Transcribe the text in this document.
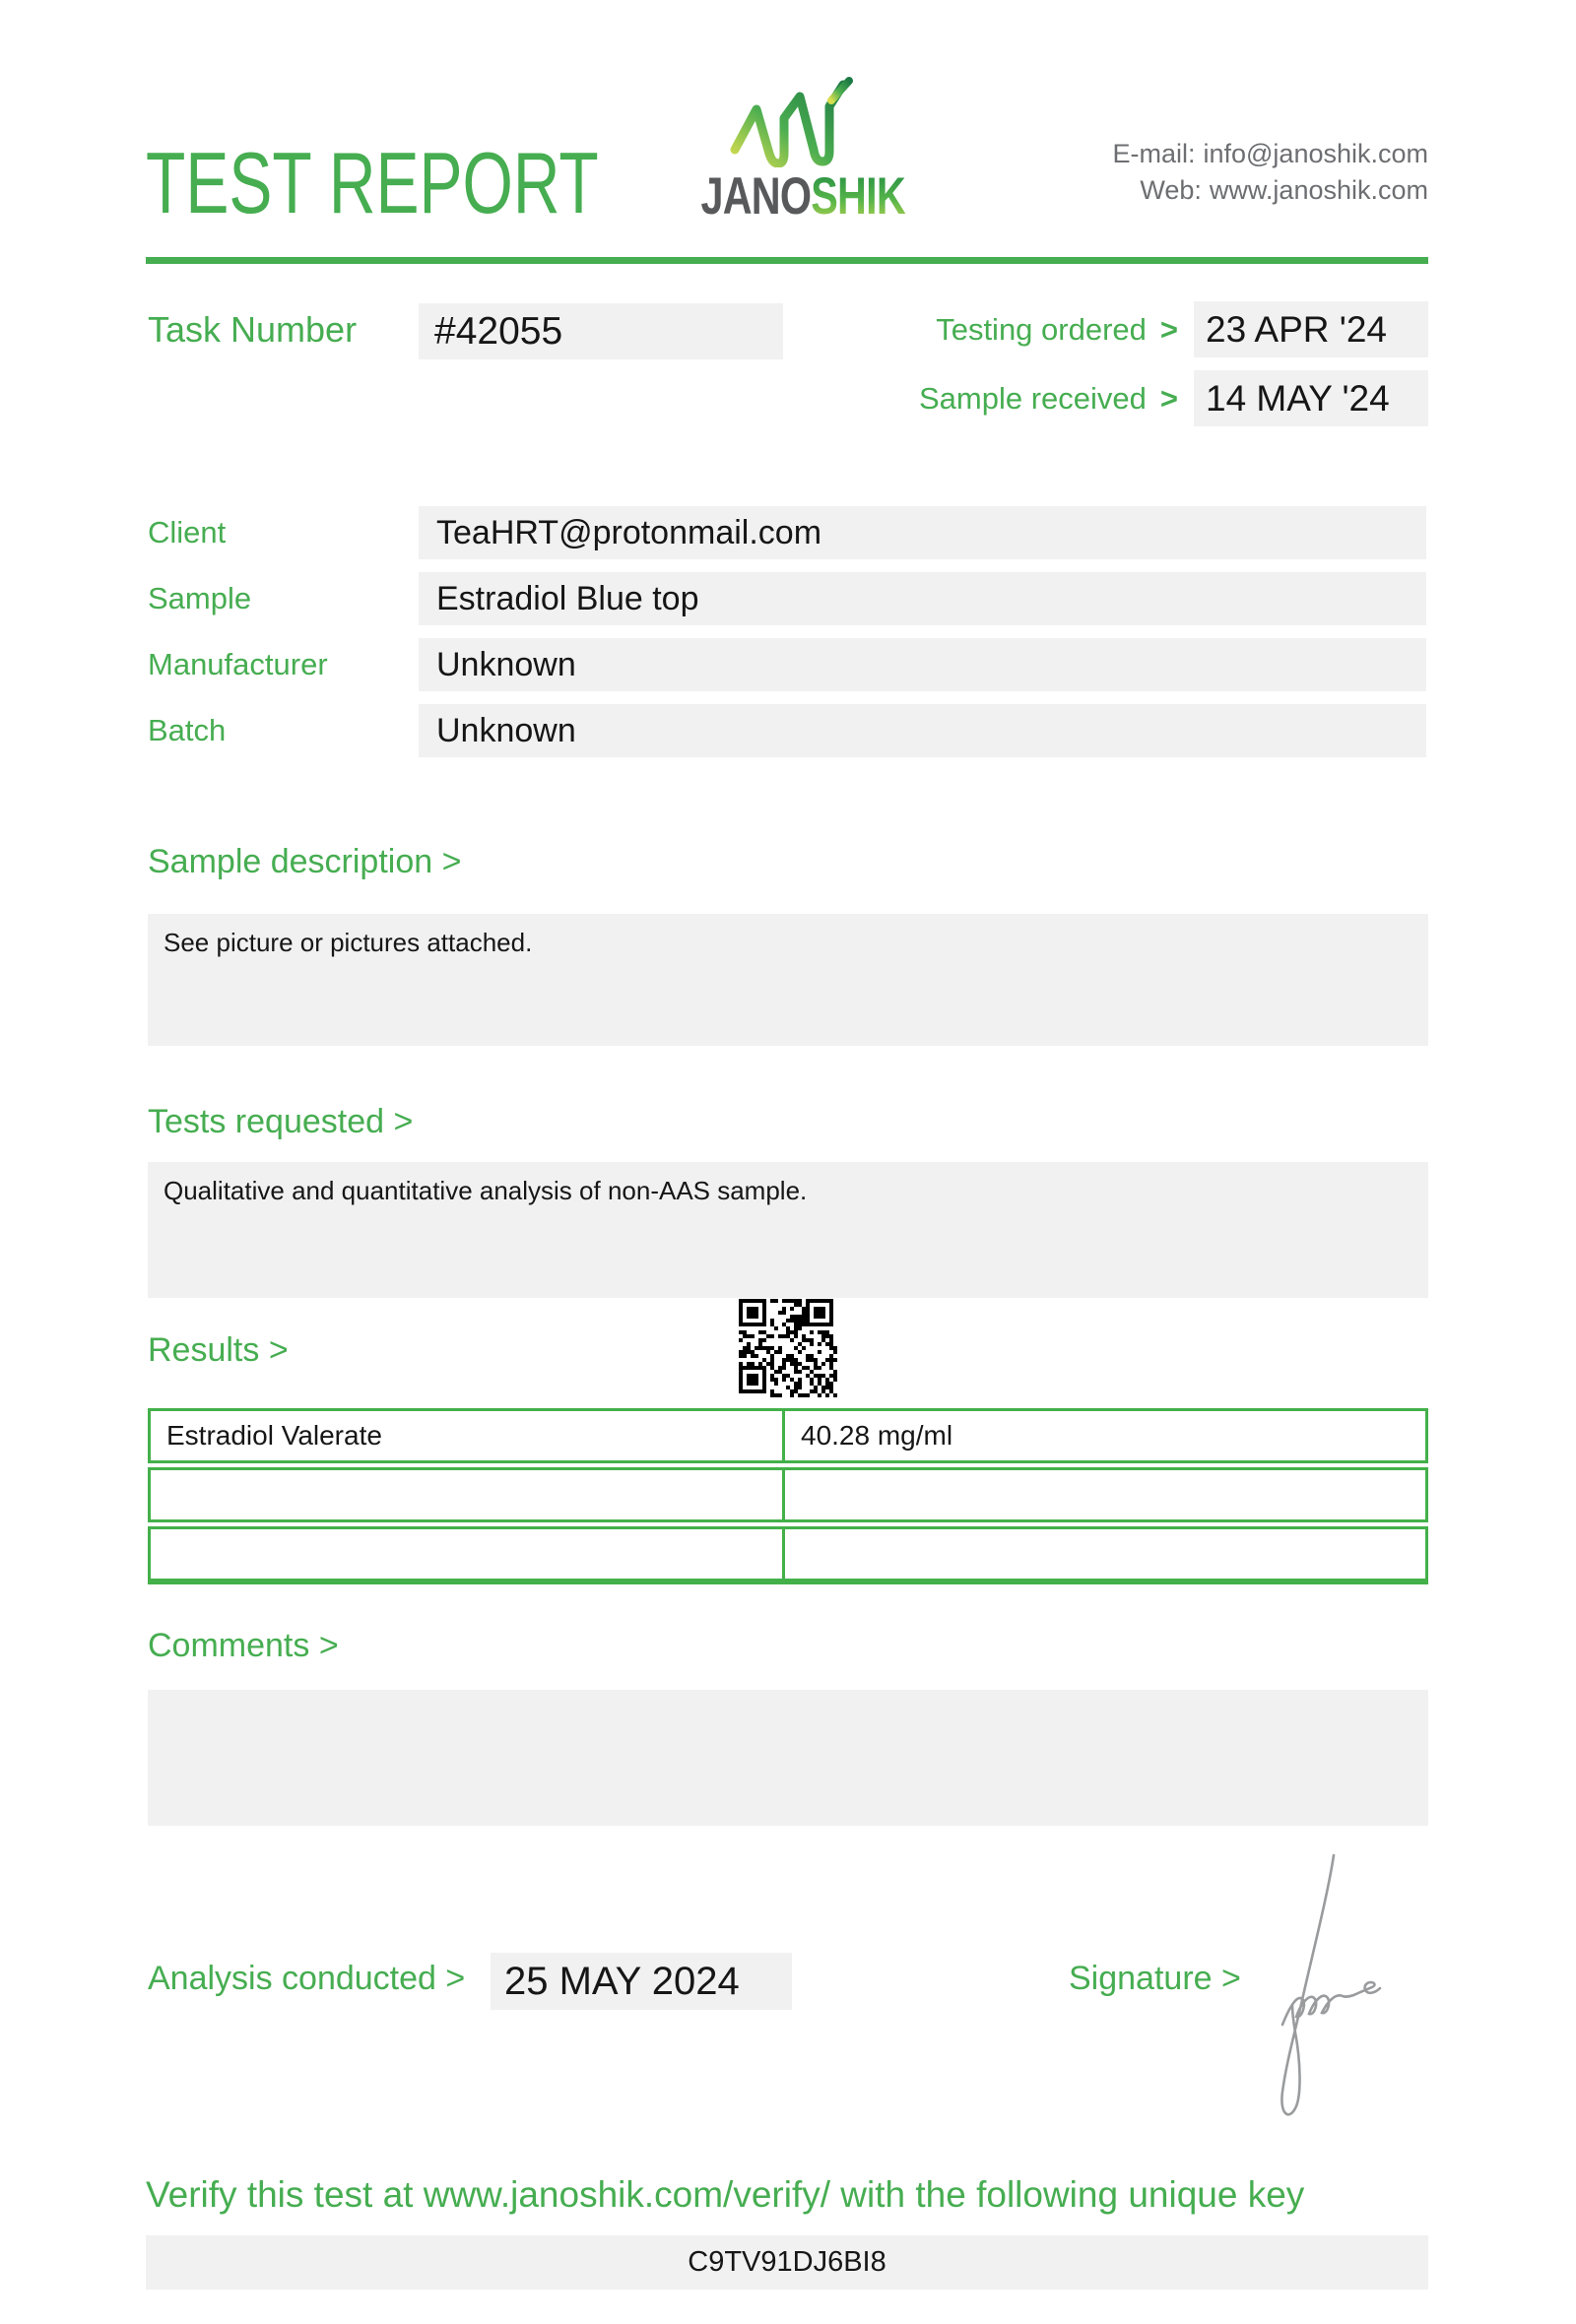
TEST REPORT JANOSHIK
E-mail: info@janoshik.com
Web: www.janoshik.com
Task Number	#42055	Testing ordered > 23 APR '24
Sample received > 14 MAY '24
Client	TeaHRT@protonmail.com
Sample	Estradiol Blue top
Manufacturer	Unknown
Batch	Unknown
Sample description >
See picture or pictures attached.
Tests requested >
Qualitative and quantitative analysis of non-AAS sample.
Results >
Estradiol Valerate	40.28 mg/ml
Comments >
Analysis conducted > 25 MAY 2024	Signature >
Verify this test at www.janoshik.com/verify/ with the following unique key
C9TV91DJ6BI8
